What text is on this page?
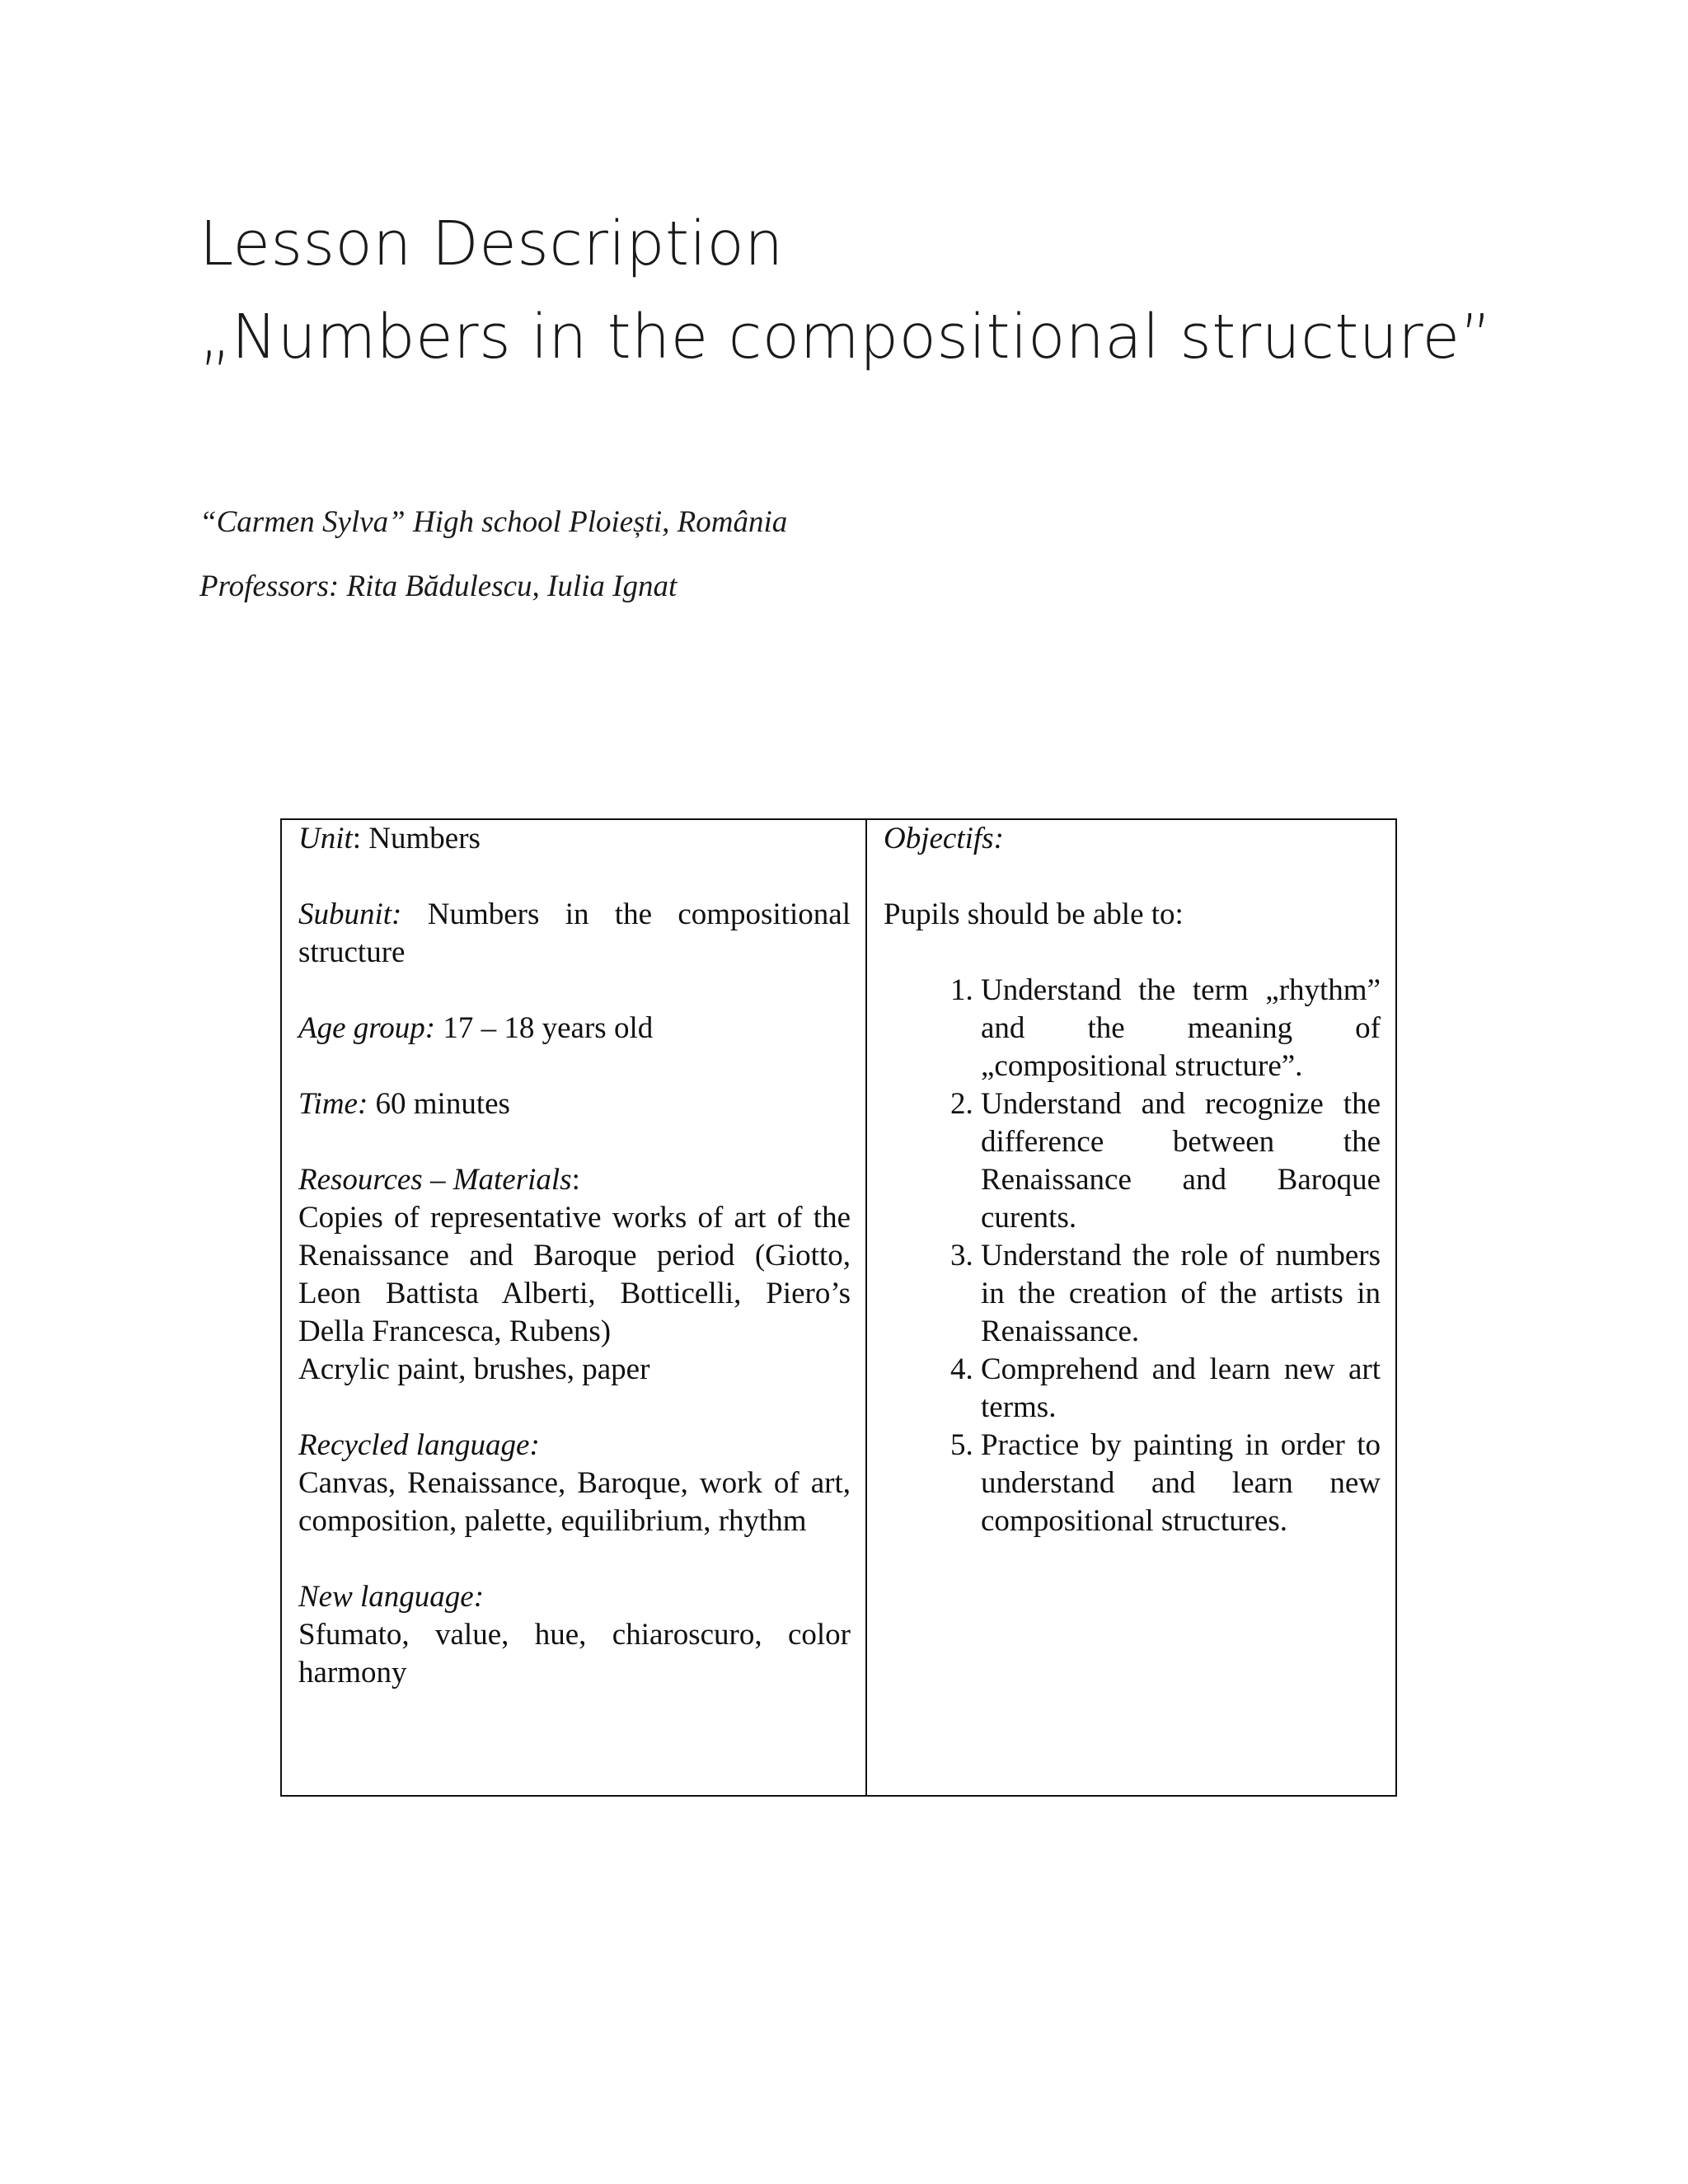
Lesson Description
„Numbers in the compositional structure”
“Carmen Sylva” High school Ploiești, România
Professors: Rita Bădulescu, Iulia Ignat
Unit: Numbers
Subunit: Numbers in the compositional structure
Age group: 17 – 18 years old
Time: 60 minutes
Resources – Materials:
Copies of representative works of art of the Renaissance and Baroque period (Giotto, Leon Battista Alberti, Botticelli, Piero’s Della Francesca, Rubens)
Acrylic paint, brushes, paper
Recycled language:
Canvas, Renaissance, Baroque, work of art, composition, palette, equilibrium, rhythm
New language:
Sfumato, value, hue, chiaroscuro, color harmony

Objectifs:
Pupils should be able to:
1. Understand the term „rhythm” and the meaning of „compositional structure”.
2. Understand and recognize the difference between the Renaissance and Baroque curents.
3. Understand the role of numbers in the creation of the artists in Renaissance.
4. Comprehend and learn new art terms.
5. Practice by painting in order to understand and learn new compositional structures.
